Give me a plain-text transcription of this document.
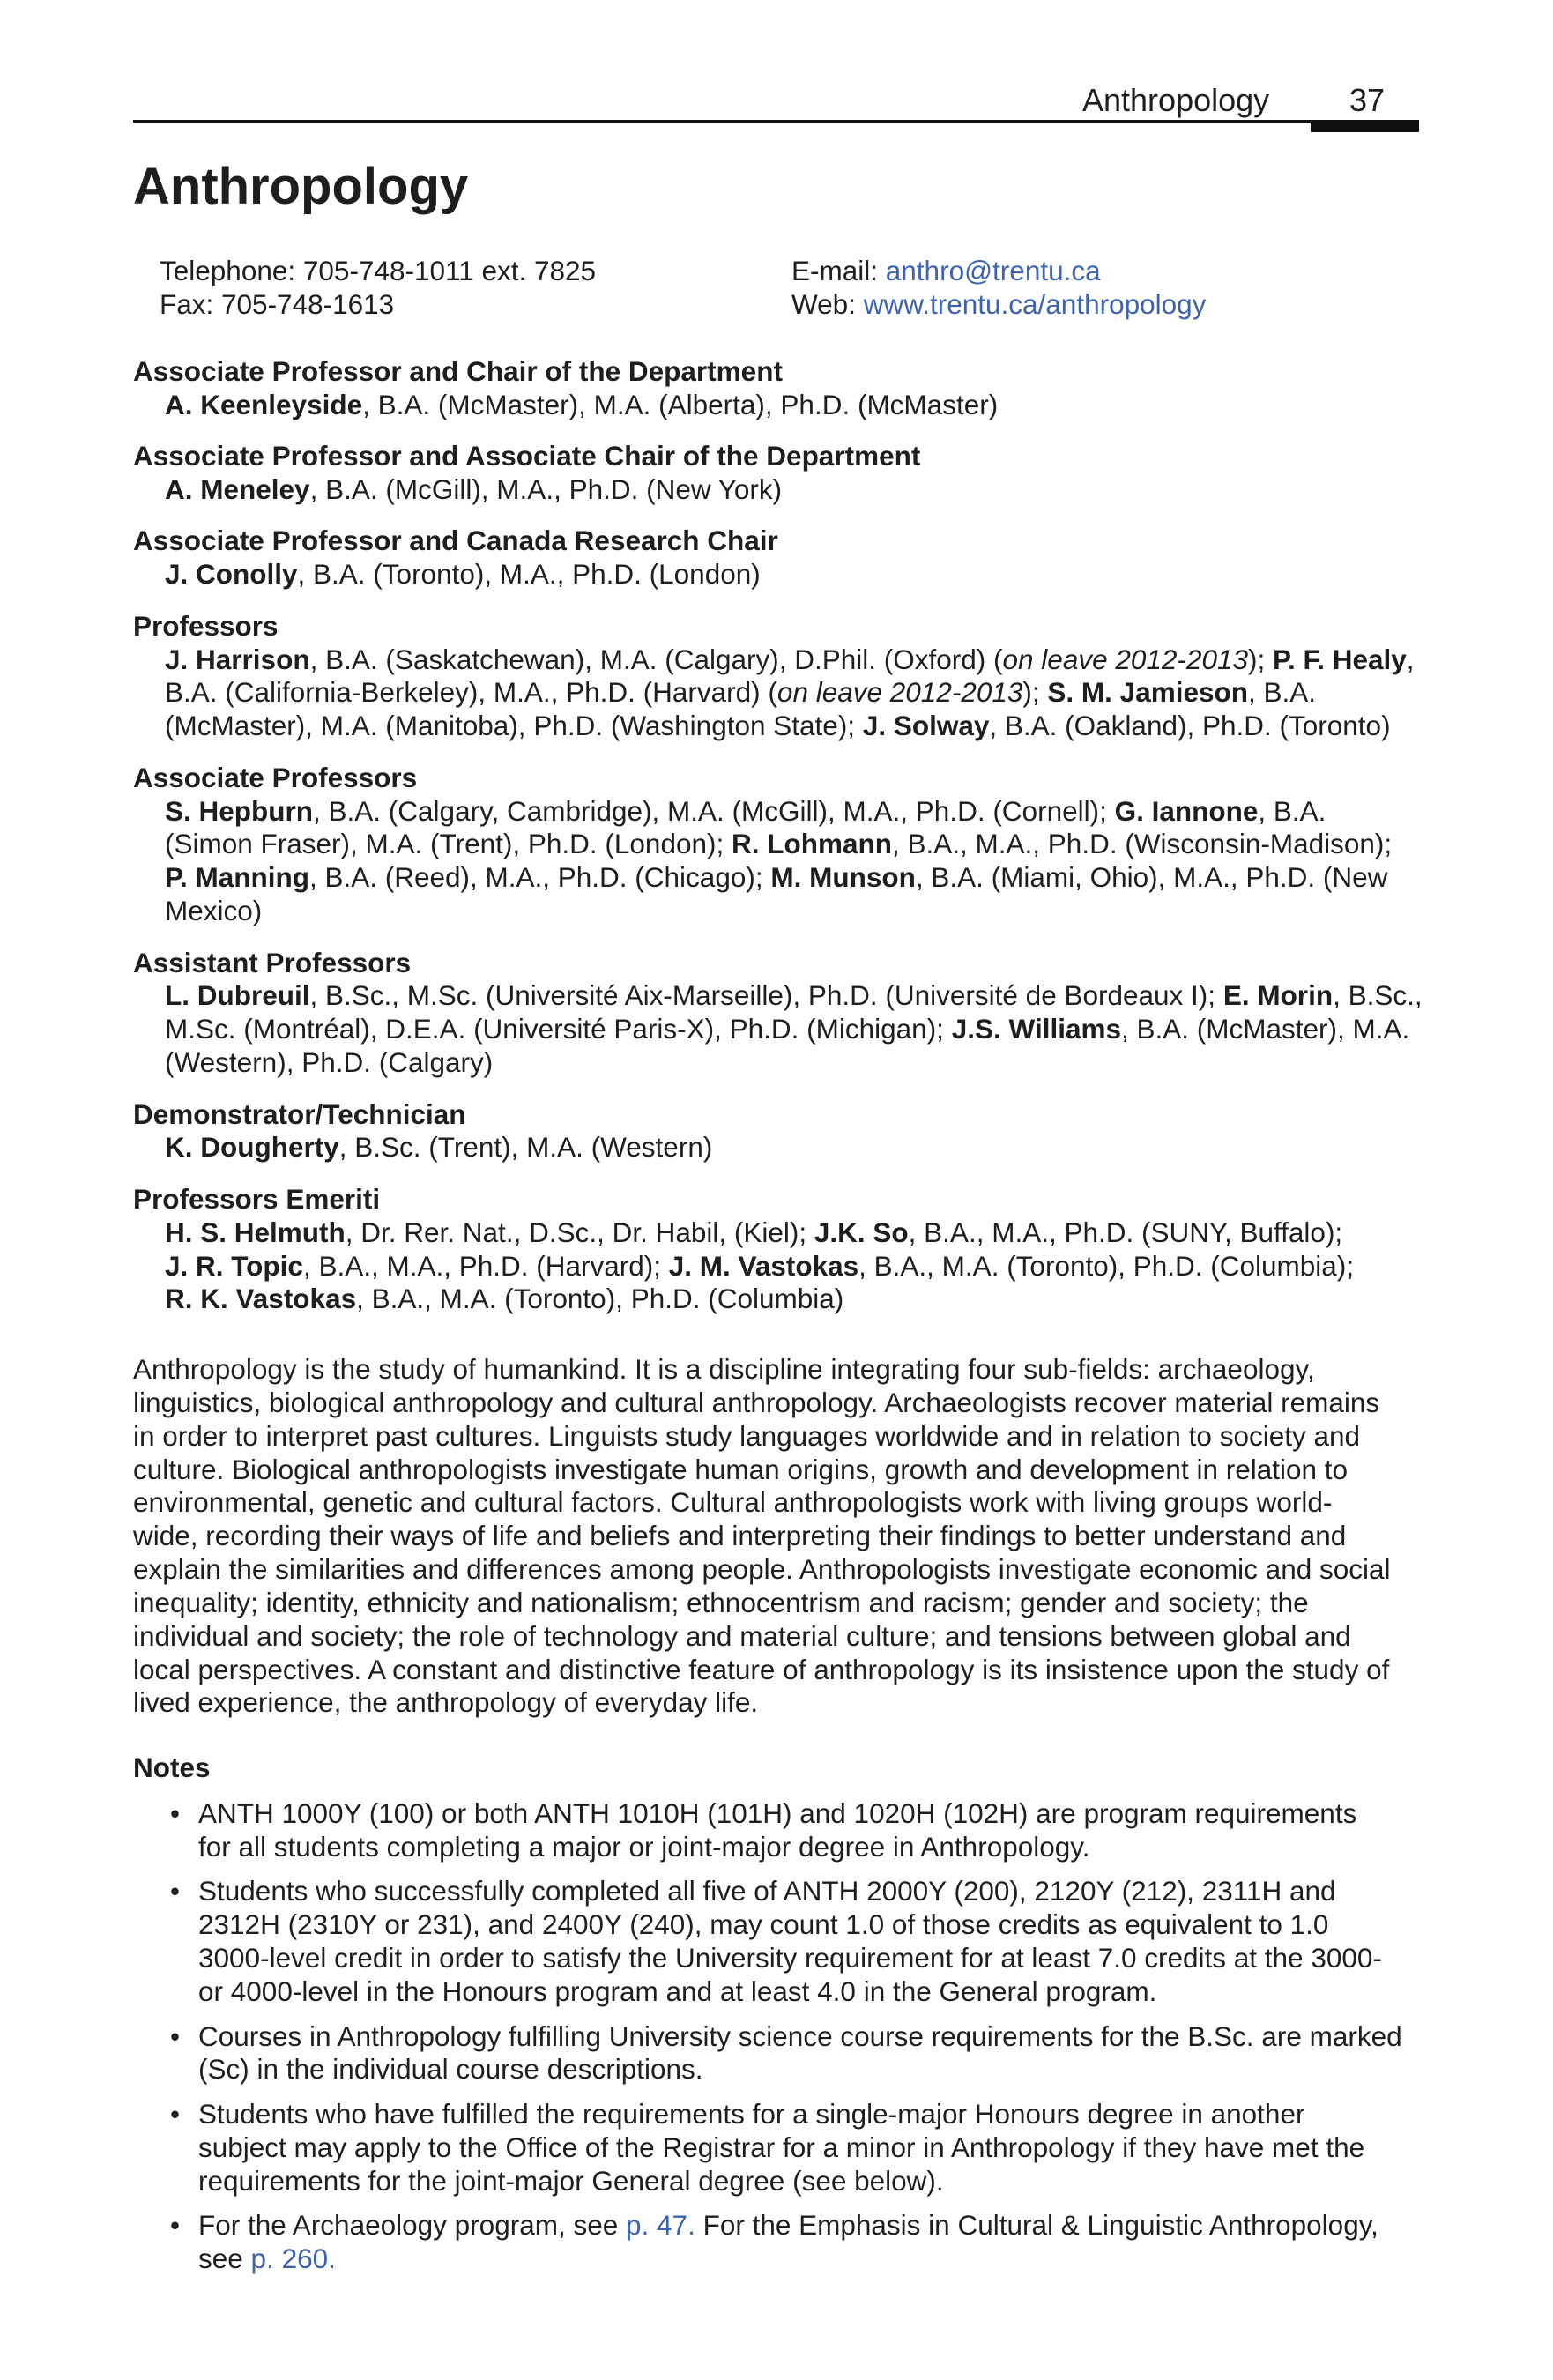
Anthropology	37
Anthropology
Telephone: 705-748-1011 ext. 7825
Fax: 705-748-1613
E-mail: anthro@trentu.ca
Web: www.trentu.ca/anthropology
Associate Professor and Chair of the Department
A. Keenleyside, B.A. (McMaster), M.A. (Alberta), Ph.D. (McMaster)
Associate Professor and Associate Chair of the Department
A. Meneley, B.A. (McGill), M.A., Ph.D. (New York)
Associate Professor and Canada Research Chair
J. Conolly, B.A. (Toronto), M.A., Ph.D. (London)
Professors
J. Harrison, B.A. (Saskatchewan), M.A. (Calgary), D.Phil. (Oxford) (on leave 2012-2013); P. F. Healy,
B.A. (California-Berkeley), M.A., Ph.D. (Harvard) (on leave 2012-2013); S. M. Jamieson, B.A.
(McMaster), M.A. (Manitoba), Ph.D. (Washington State); J. Solway, B.A. (Oakland), Ph.D. (Toronto)
Associate Professors
S. Hepburn, B.A. (Calgary, Cambridge), M.A. (McGill), M.A., Ph.D. (Cornell); G. Iannone, B.A.
(Simon Fraser), M.A. (Trent), Ph.D. (London); R. Lohmann, B.A., M.A., Ph.D. (Wisconsin-Madison);
P. Manning, B.A. (Reed), M.A., Ph.D. (Chicago); M. Munson, B.A. (Miami, Ohio), M.A., Ph.D. (New
Mexico)
Assistant Professors
L. Dubreuil, B.Sc., M.Sc. (Université Aix-Marseille), Ph.D. (Université de Bordeaux I); E. Morin, B.Sc.,
M.Sc. (Montréal), D.E.A. (Université Paris-X), Ph.D. (Michigan); J.S. Williams, B.A. (McMaster), M.A.
(Western), Ph.D. (Calgary)
Demonstrator/Technician
K. Dougherty, B.Sc. (Trent), M.A. (Western)
Professors Emeriti
H. S. Helmuth, Dr. Rer. Nat., D.Sc., Dr. Habil, (Kiel); J.K. So, B.A., M.A., Ph.D. (SUNY, Buffalo);
J. R. Topic, B.A., M.A., Ph.D. (Harvard); J. M. Vastokas, B.A., M.A. (Toronto), Ph.D. (Columbia);
R. K. Vastokas, B.A., M.A. (Toronto), Ph.D. (Columbia)
Anthropology is the study of humankind. It is a discipline integrating four sub-fields: archaeology,
linguistics, biological anthropology and cultural anthropology. Archaeologists recover material remains
in order to interpret past cultures. Linguists study languages worldwide and in relation to society and
culture. Biological anthropologists investigate human origins, growth and development in relation to
environmental, genetic and cultural factors. Cultural anthropologists work with living groups world-
wide, recording their ways of life and beliefs and interpreting their findings to better understand and
explain the similarities and differences among people. Anthropologists investigate economic and social
inequality; identity, ethnicity and nationalism; ethnocentrism and racism; gender and society; the
individual and society; the role of technology and material culture; and tensions between global and
local perspectives. A constant and distinctive feature of anthropology is its insistence upon the study of
lived experience, the anthropology of everyday life.
Notes
•
ANTH 1000Y (100) or both ANTH 1010H (101H) and 1020H (102H) are program requirements
for all students completing a major or joint-major degree in Anthropology.
•
Students who successfully completed all five of ANTH 2000Y (200), 2120Y (212), 2311H and
2312H (2310Y or 231), and 2400Y (240), may count 1.0 of those credits as equivalent to 1.0
3000-level credit in order to satisfy the University requirement for at least 7.0 credits at the 3000-
or 4000-level in the Honours program and at least 4.0 in the General program.
•
Courses in Anthropology fulfilling University science course requirements for the B.Sc. are marked
(Sc) in the individual course descriptions.
•
Students who have fulfilled the requirements for a single-major Honours degree in another
subject may apply to the Office of the Registrar for a minor in Anthropology if they have met the
requirements for the joint-major General degree (see below).
•
For the Archaeology program, see p. 47. For the Emphasis in Cultural & Linguistic Anthropology,
see p. 260.
